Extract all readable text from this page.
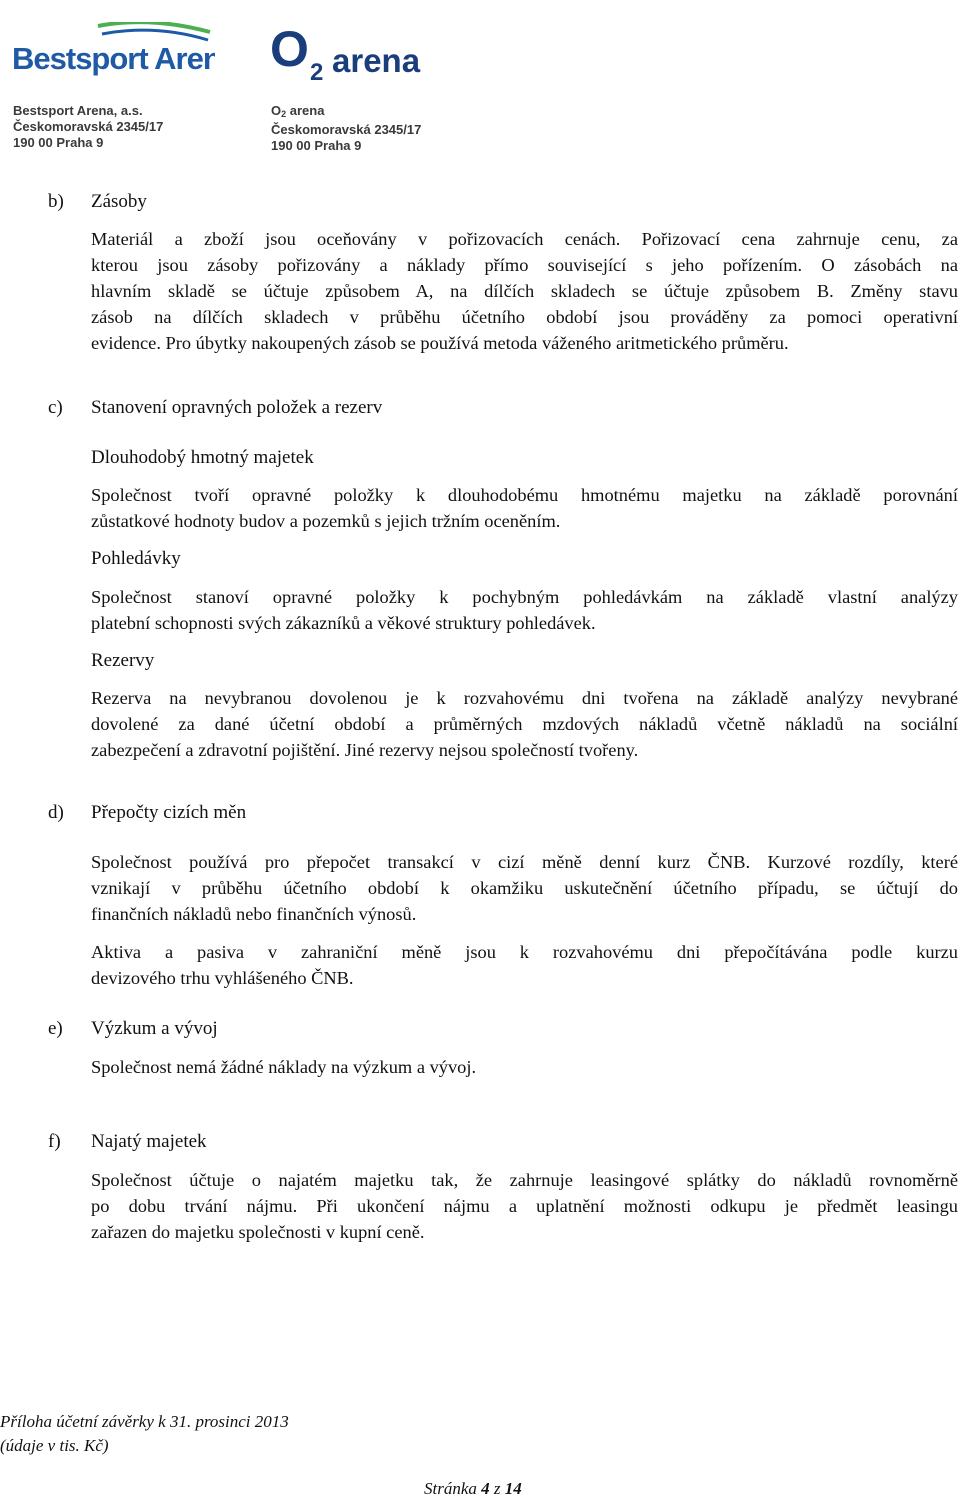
Bestsport Arena O 2 arena
Bestsport Arena, a.s.
Českomoravská 2345/17
190 00 Praha 9
O2 arena
Českomoravská 2345/17
190 00 Praha 9
b) Zásoby
Materiál a zboží jsou oceňovány v pořizovacích cenách. Pořizovací cena zahrnuje cenu, za
kterou jsou zásoby pořizovány a náklady přímo související s jeho pořízením. O zásobách na
hlavním skladě se účtuje způsobem A, na dílčích skladech se účtuje způsobem B. Změny stavu
zásob na dílčích skladech v průběhu účetního období jsou prováděny za pomoci operativní
evidence. Pro úbytky nakoupených zásob se používá metoda váženého aritmetického průměru.
c) Stanovení opravných položek a rezerv
Dlouhodobý hmotný majetek
Společnost tvoří opravné položky k dlouhodobému hmotnému majetku na základě porovnání
zůstatkové hodnoty budov a pozemků s jejich tržním oceněním.
Pohledávky
Společnost stanoví opravné položky k pochybným pohledávkám na základě vlastní analýzy
platební schopnosti svých zákazníků a věkové struktury pohledávek.
Rezervy
Rezerva na nevybranou dovolenou je k rozvahovému dni tvořena na základě analýzy nevybrané
dovolené za dané účetní období a průměrných mzdových nákladů včetně nákladů na sociální
zabezpečení a zdravotní pojištění. Jiné rezervy nejsou společností tvořeny.
d) Přepočty cizích měn
Společnost používá pro přepočet transakcí v cizí měně denní kurz ČNB. Kurzové rozdíly, které
vznikají v průběhu účetního období k okamžiku uskutečnění účetního případu, se účtují do
finančních nákladů nebo finančních výnosů.
Aktiva a pasiva v zahraniční měně jsou k rozvahovému dni přepočítávána podle kurzu
devizového trhu vyhlášeného ČNB.
e) Výzkum a vývoj
Společnost nemá žádné náklady na výzkum a vývoj.
f) Najatý majetek
Společnost účtuje o najatém majetku tak, že zahrnuje leasingové splátky do nákladů rovnoměrně
po dobu trvání nájmu. Při ukončení nájmu a uplatnění možnosti odkupu je předmět leasingu
zařazen do majetku společnosti v kupní ceně.
Příloha účetní závěrky k 31. prosinci 2013
(údaje v tis. Kč)
Stránka 4 z 14
